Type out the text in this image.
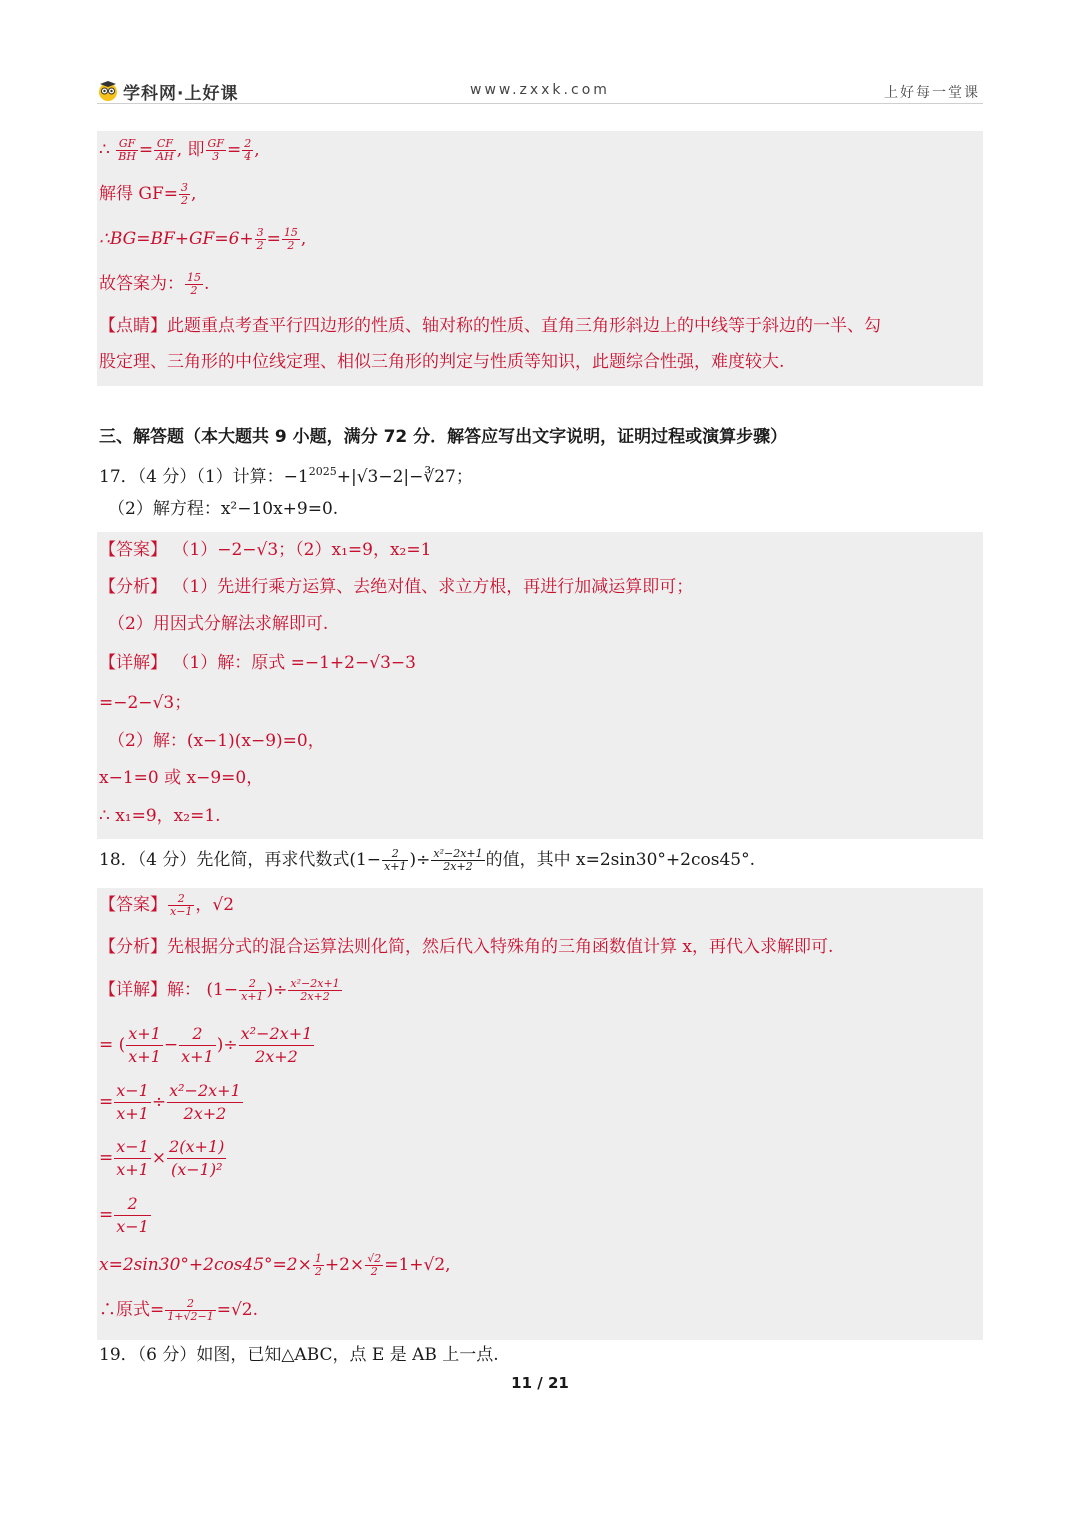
学科网·上好课	www.zxxk.com	上好每一堂课
∴ $\frac{GF}{BH} = \frac{CF}{AH}$ , 即 $\frac{GF}{3} = \frac{2}{4}$ ,
解得 $GF= \frac{3}{2}$ ,
∴BG=BF+GF=6+ $\frac{3}{2} = \frac{15}{2}$ ,
故答案为： $\frac{15}{2}$ .
【点睛】此题重点考查平行四边形的性质、轴对称的性质、直角三角形斜边上的中线等于斜边的一半、勾
股定理、三角形的中位线定理、相似三角形的判定与性质等知识，此题综合性强，难度较大.
三、解答题（本大题共 9 小题，满分 72 分．解答应写出文字说明，证明过程或演算步骤）
17．（4 分）（1）计算：$-1^{2025}+|√3-2|-∛27$；
（2）解方程：x²−10x+9=0.
【答案】 （1）−2−√3；（2）x₁=9，x₂=1
【分析】 （1）先进行乘方运算、去绝对值、求立方根，再进行加减运算即可；
（2）用因式分解法求解即可.
【详解】 （1）解：原式 =−1+2−√3−3
=−2−√3；
（2）解：(x−1)(x−9)=0，
x−1=0 或 x−9=0，
∴ x₁=9，x₂=1.
18．（4 分）先化简，再求代数式($1- \frac{2}{x+1}$ )÷ $\frac{\text{x²−2x+1}}{2x+2}$ 的值，其中 x=2sin30°+2cos45°.
【答案】 $\frac{2}{x-1}$ ，√2
【分析】先根据分式的混合运算法则化简，然后代入特殊角的三角函数值计算 x，再代入求解即可.
【详解】解： ($1- \frac{2}{x+1}$ )÷ $\frac{\text{x²−2x+1}}{2x+2}$
= ( $\frac{x+1}{x+1} - \frac{2}{x+1}$ )÷ $\frac{\text{x²−2x+1}}{2x+2}$
= $\frac{x-1}{x+1} \div \frac{\text{x²−2x+1}}{2x+2}$
= $\frac{x-1}{x+1} \times \frac{2(x+1)}{\text{(x−1)²}}$
= $\frac{2}{x-1}$
$x=2\sin 30^\circ+2\cos 45^\circ=2\times \frac{1}{2} +2\times \frac{√2}{2} =1+√2$,
∴原式= $\frac{2}{1+√2-1} =√2$.
19．（6 分）如图，已知△ABC，点 E 是 AB 上一点.
11 / 21
